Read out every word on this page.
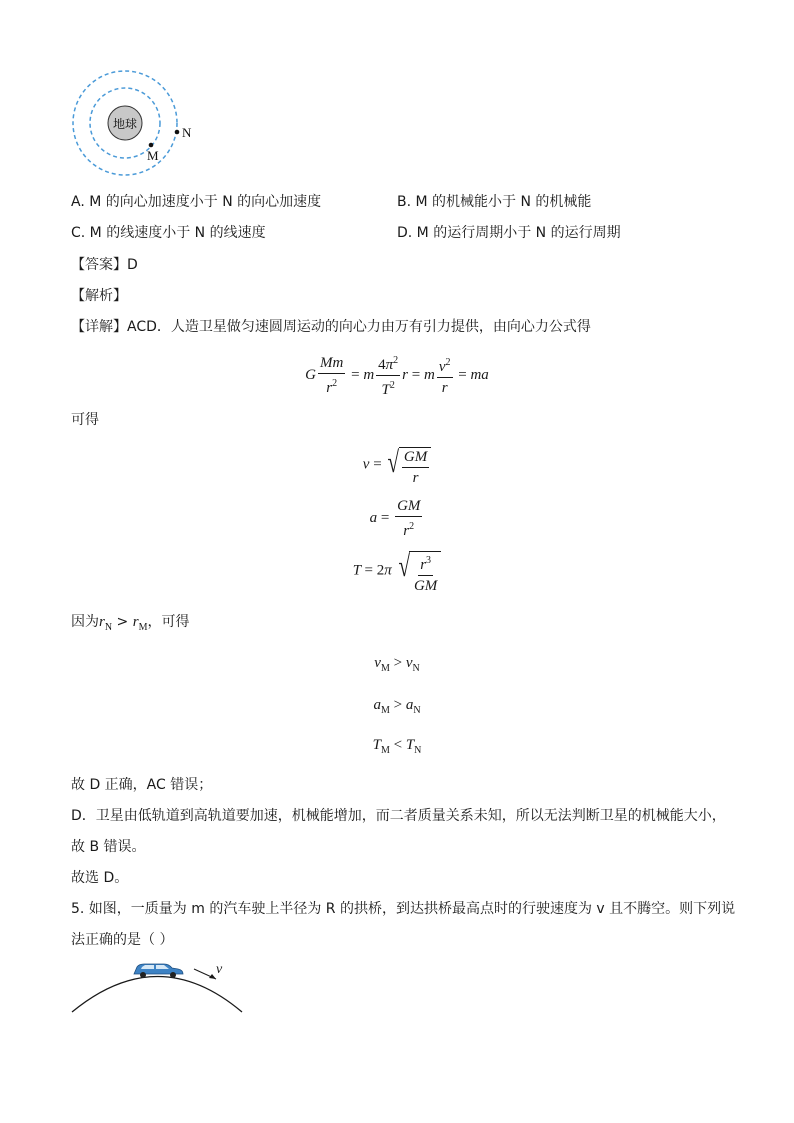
地球
M
N
A. M 的向心加速度小于 N 的向心加速度	B. M 的机械能小于 N 的机械能
C. M 的线速度小于 N 的线速度	D. M 的运行周期小于 N 的运行周期
【答案】D
【解析】
【详解】ACD．人造卫星做匀速圆周运动的向心力由万有引力提供，由向心力公式得
G $\frac{Mm}{r^2} = m \frac{4\pi^2}{T^2}$ r = m $\frac{v^2}{r}$ = ma
可得
v = √ $\frac{GM}{r}$
$a = \frac{GM}{r^2}$
T = 2π √ $\frac{r^3}{GM}$
因为$r_N > r_M$，可得
$v_M > v_N$
$a_M > a_N$
$T_M < T_N$
故 D 正确，AC 错误；
D．卫星由低轨道到高轨道要加速，机械能增加，而二者质量关系未知，所以无法判断卫星的机械能大小，
故 B 错误。
故选 D。
5. 如图，一质量为 m 的汽车驶上半径为 R 的拱桥，到达拱桥最高点时的行驶速度为 v 且不腾空。则下列说
法正确的是（ ）
v
